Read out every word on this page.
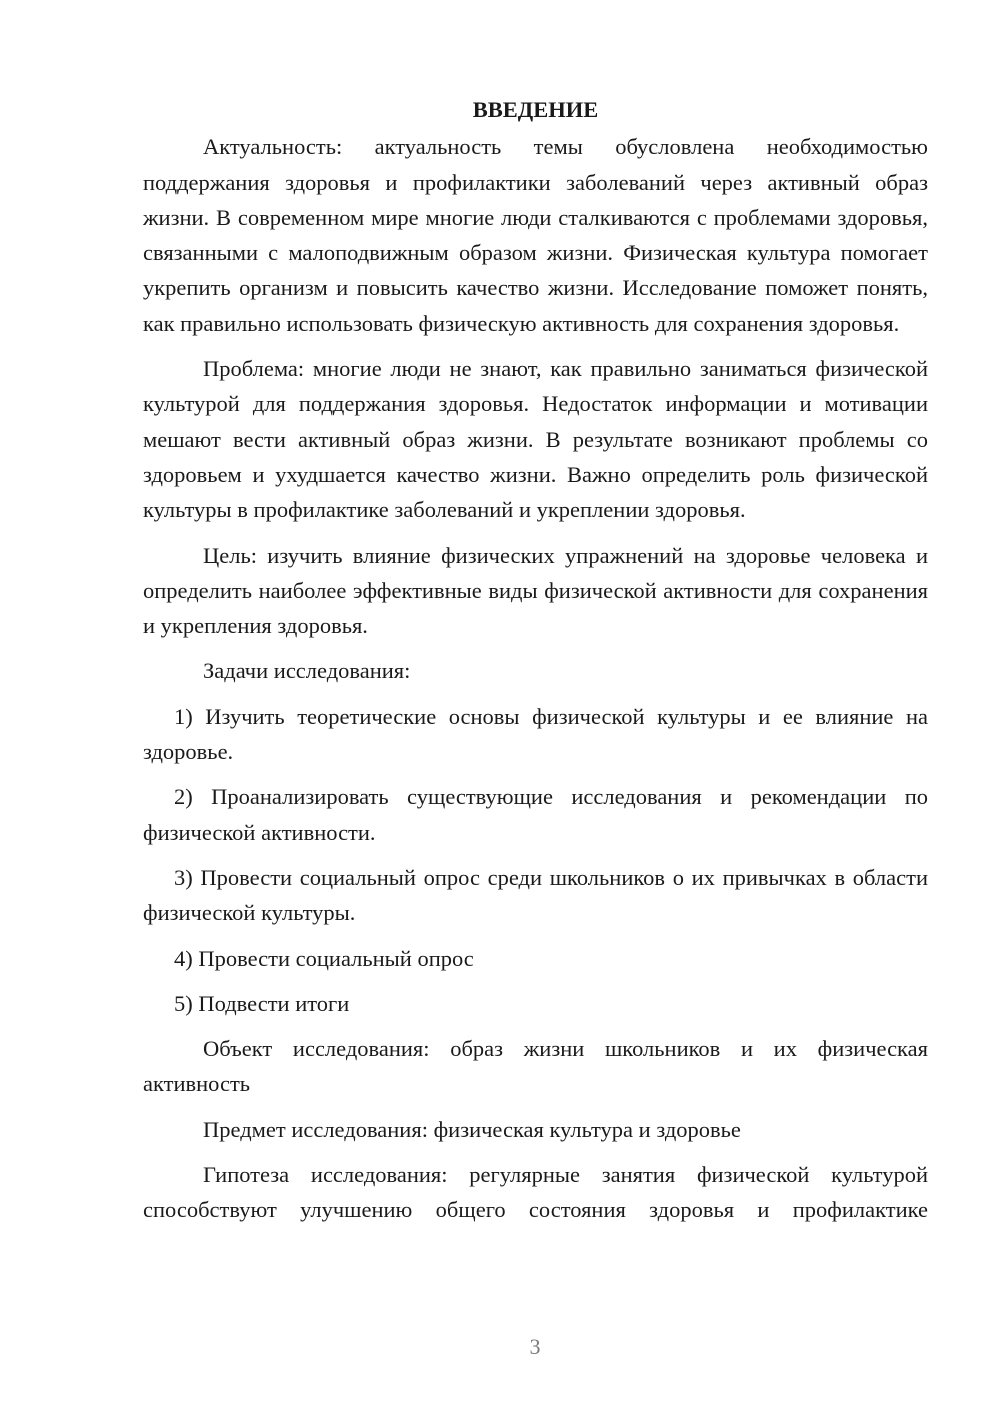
ВВЕДЕНИЕ

Актуальность: актуальность темы обусловлена необходимостью поддержания здоровья и профилактики заболеваний через активный образ жизни. В современном мире многие люди сталкиваются с проблемами здоровья, связанными с малоподвижным образом жизни. Физическая культура помогает укрепить организм и повысить качество жизни. Исследование поможет понять, как правильно использовать физическую активность для сохранения здоровья.

Проблема: многие люди не знают, как правильно заниматься физической культурой для поддержания здоровья. Недостаток информации и мотивации мешают вести активный образ жизни. В результате возникают проблемы со здоровьем и ухудшается качество жизни. Важно определить роль физической культуры в профилактике заболеваний и укреплении здоровья.

Цель: изучить влияние физических упражнений на здоровье человека и определить наиболее эффективные виды физической активности для сохранения и укрепления здоровья.

Задачи исследования:

1) Изучить теоретические основы физической культуры и ее влияние на здоровье.

2) Проанализировать существующие исследования и рекомендации по физической активности.

3) Провести социальный опрос среди школьников о их привычках в области физической культуры.

4) Провести социальный опрос

5) Подвести итоги

Объект исследования: образ жизни школьников и их физическая активность

Предмет исследования: физическая культура и здоровье

Гипотеза исследования: регулярные занятия физической культурой способствуют улучшению общего состояния здоровья и профилактике

3
